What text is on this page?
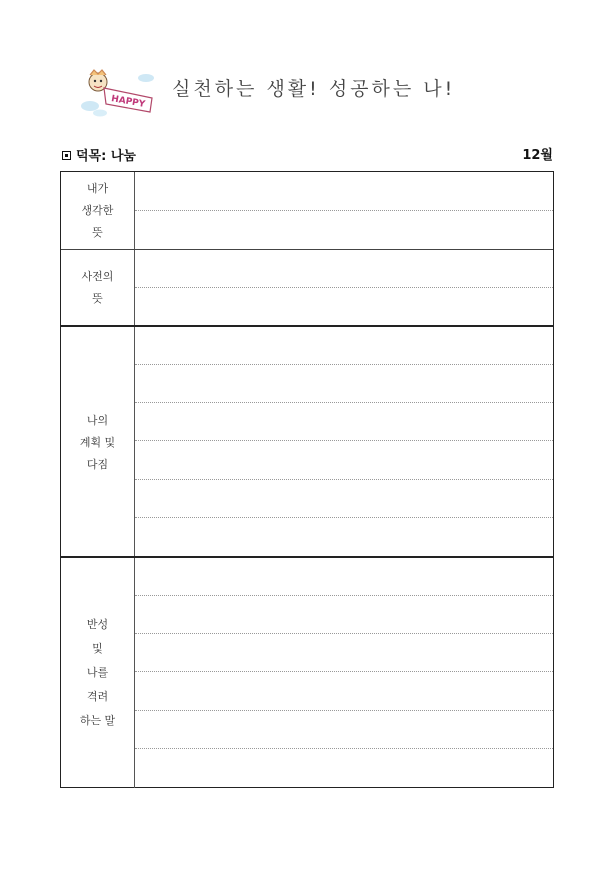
HAPPY
실천하는 생활! 성공하는 나!
덕목: 나눔	12월
내가
생각한
뜻
사전의
뜻
나의
계획 및
다짐
반성
및
나를
격려
하는 말
